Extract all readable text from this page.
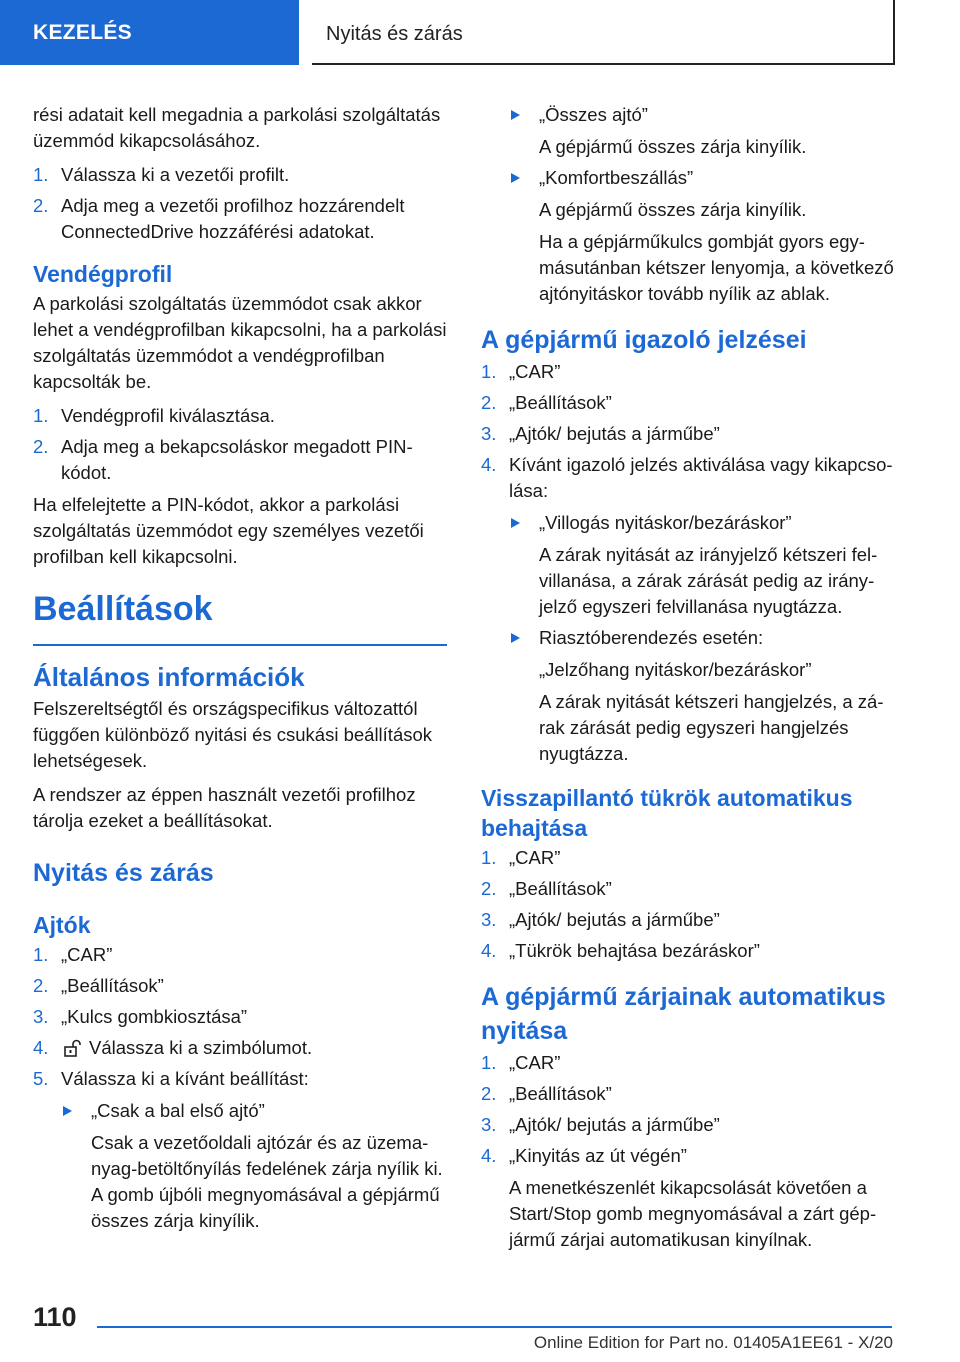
KEZELÉS	Nyitás és zárás

rési adatait kell megadnia a parkolási szolgáltatás üzemmód kikapcsolásához.

1. Válassza ki a vezetői profilt.
2. Adja meg a vezetői profilhoz hozzárendelt ConnectedDrive hozzáférési adatokat.
Vendégprofil

A parkolási szolgáltatás üzemmódot csak akkor lehet a vendégprofilban kikapcsolni, ha a parkolási szolgáltatás üzemmódot a vendégprofilban kapcsolták be.

1. Vendégprofil kiválasztása.
2. Adja meg a bekapcsoláskor megadott PIN-kódot.

Ha elfelejtette a PIN-kódot, akkor a parkolási szolgáltatás üzemmódot egy személyes vezetői profilban kell kikapcsolni.

Beállítások
Általános információk

Felszereltségtől és országspecifikus változattól függően különböző nyitási és csukási beállítások lehetségesek.

A rendszer az éppen használt vezetői profilhoz tárolja ezeket a beállításokat.

Nyitás és zárás
Ajtók
1. „CAR”
2. „Beállítások”
3. „Kulcs gombkiosztása”
4. Válassza ki a szimbólumot.
5. Válassza ki a kívánt beállítást:
„Csak a bal első ajtó”
Csak a vezetőoldali ajtózár és az üzemanyag-betöltőnyílás fedelének zárja nyílik ki. A gomb újbóli megnyomásával a gépjármű összes zárja kinyílik.
„Összes ajtó”
A gépjármű összes zárja kinyílik.
„Komfortbeszállás”
A gépjármű összes zárja kinyílik.
Ha a gépjárműkulcs gombját gyors egymásutánban kétszer lenyomja, a következő ajtónyitáskor tovább nyílik az ablak.
A gépjármű igazoló jelzései
1. „CAR”
2. „Beállítások”
3. „Ajtók/ bejutás a járműbe”
4. Kívánt igazoló jelzés aktiválása vagy kikapcsolása:
„Villogás nyitáskor/bezáráskor”
A zárak nyitását az irányjelző kétszeri felvillanása, a zárak zárását pedig az irányjelző egyszeri felvillanása nyugtázza.
Riasztóberendezés esetén:
„Jelzőhang nyitáskor/bezáráskor”
A zárak nyitását kétszeri hangjelzés, a zárak zárását pedig egyszeri hangjelzés nyugtázza.
Visszapillantó tükrök automatikus behajtása
1. „CAR”
2. „Beállítások”
3. „Ajtók/ bejutás a járműbe”
4. „Tükrök behajtása bezáráskor”
A gépjármű zárjainak automatikus nyitása
1. „CAR”
2. „Beállítások”
3. „Ajtók/ bejutás a járműbe”
4. „Kinyitás az út végén”
A menetkészenlét kikapcsolását követően a Start/Stop gomb megnyomásával a zárt gépjármű zárjai automatikusan kinyílnak.
110
Online Edition for Part no. 01405A1EE61 - X/20
